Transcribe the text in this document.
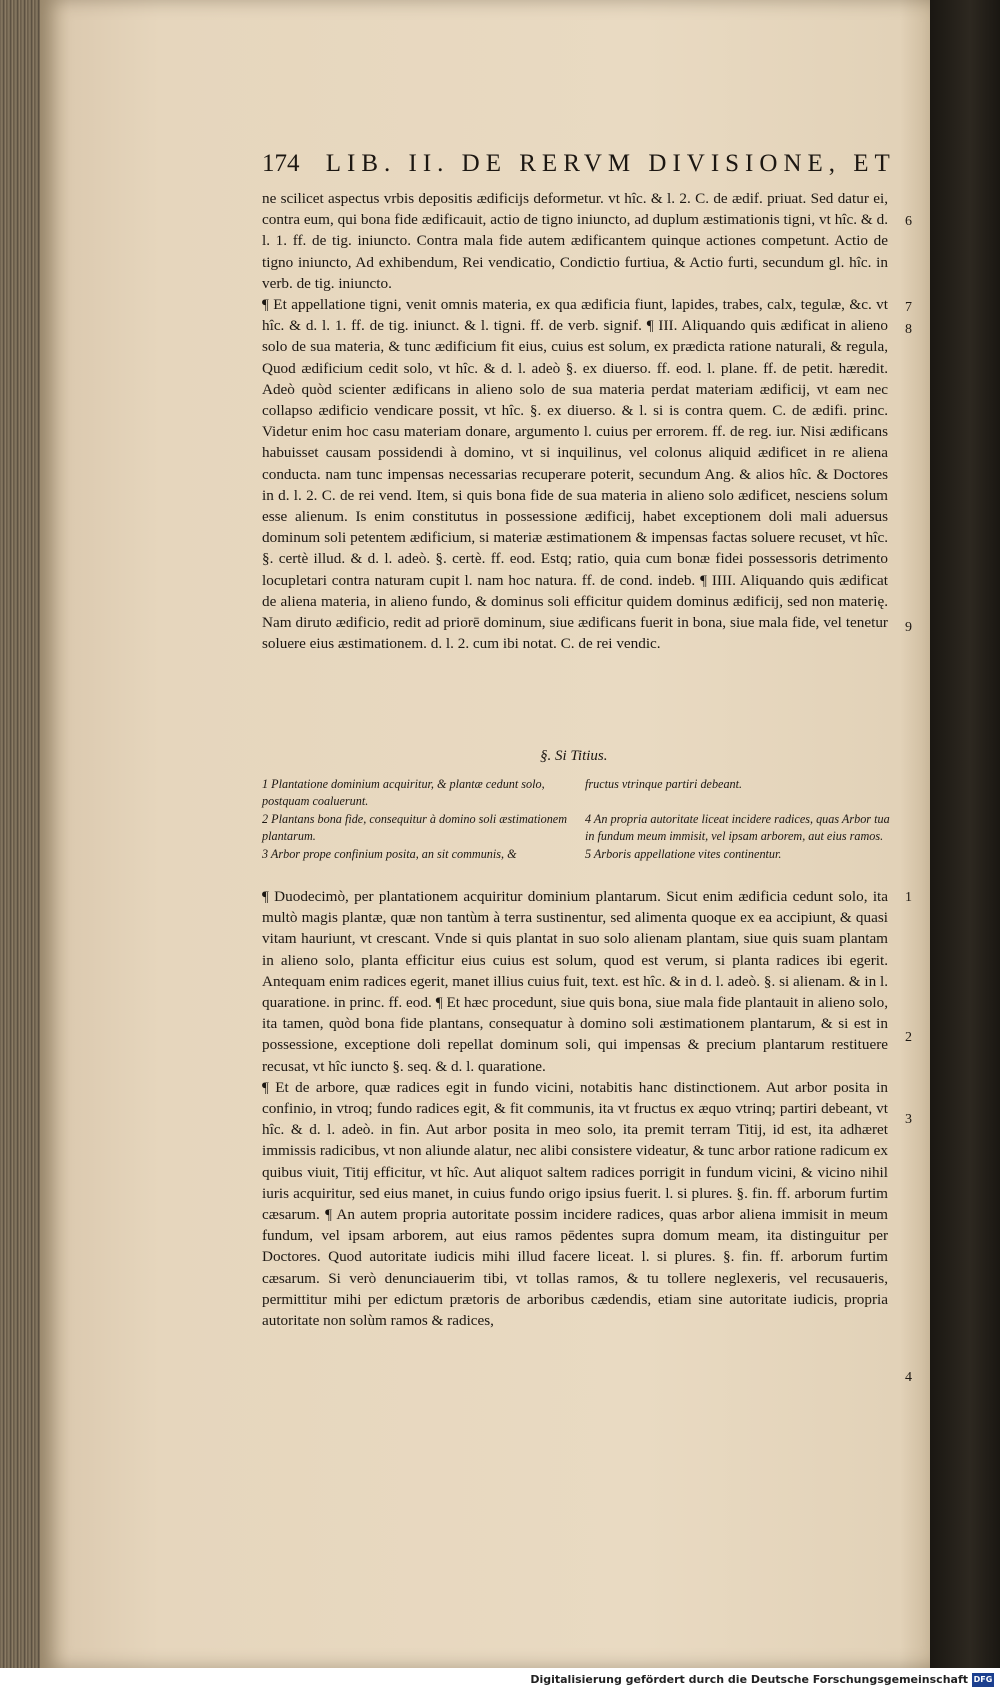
174 LIB. II. DE RERVM DIVISIONE, ET

ne scilicet aspectus vrbis depositis ædificijs deformetur. vt hîc. & l. 2. C. de ædif. priuat. Sed datur ei, contra eum, qui bona fide ædificauit, actio de tigno iniuncto, ad duplum æstimationis tigni, vt hîc. & d. l. 1. ff. de tig. iniuncto. Contra mala fide autem ædificantem quinque actiones competunt. Actio de tigno iniuncto, Ad exhibendum, Rei vendicatio, Condictio furtiua, & Actio furti, secundum gl. hîc. in verb. de tig. iniuncto.

¶ Et appellatione tigni, venit omnis materia, ex qua ædificia fiunt, lapides, trabes, calx, tegulæ, &c. vt hîc. & d. l. 1. ff. de tig. iniunct. & l. tigni. ff. de verb. signif. ¶ III. Aliquando quis ædificat in alieno solo de sua materia, & tunc ædificium fit eius, cuius est solum, ex prædicta ratione naturali, & regula, Quod ædificium cedit solo, vt hîc. & d. l. adeò §. ex diuerso. ff. eod. l. plane. ff. de petit. hæredit. Adeò quòd scienter ædificans in alieno solo de sua materia perdat materiam ædificij, vt eam nec collapso ædificio vendicare possit, vt hîc. §. ex diuerso. & l. si is contra quem. C. de ædifi. princ. Videtur enim hoc casu materiam donare, argumento l. cuius per errorem. ff. de reg. iur. Nisi ædificans habuisset causam possidendi à domino, vt si inquilinus, vel colonus aliquid ædificet in re aliena conducta. nam tunc impensas necessarias recuperare poterit, secundum Ang. & alios hîc. & Doctores in d. l. 2. C. de rei vend. Item, si quis bona fide de sua materia in alieno solo ædificet, nesciens solum esse alienum. Is enim constitutus in possessione ædificij, habet exceptionem doli mali aduersus dominum soli petentem ædificium, si materiæ æstimationem & impensas factas soluere recuset, vt hîc. §. certè illud. & d. l. adeò. §. certè. ff. eod. Estq; ratio, quia cum bonæ fidei possessoris detrimento locupletari contra naturam cupit l. nam hoc natura. ff. de cond. indeb. ¶ IIII. Aliquando quis ædificat de aliena materia, in alieno fundo, & dominus soli efficitur quidem dominus ædificij, sed non materię. Nam diruto ædificio, redit ad priorē dominum, siue ædificans fuerit in bona, siue mala fide, vel tenetur soluere eius æstimationem. d. l. 2. cum ibi notat. C. de rei vendic.

§. Si Titius.
1 Plantatione dominium acquiritur, & plantæ cedunt solo, postquam coaluerunt.
fructus vtrinque partiri debeant.
2 Plantans bona fide, consequitur à domino soli æstimationem plantarum.
4 An propria autoritate liceat incidere radices, quas Arbor tua in fundum meum immisit, vel ipsam arborem, aut eius ramos.
3 Arbor prope confinium posita, an sit communis, &	5 Arboris appellatione vites continentur.

¶ Duodecimò, per plantationem acquiritur dominium plantarum. Sicut enim ædificia cedunt solo, ita multò magis plantæ, quæ non tantùm à terra sustinentur, sed alimenta quoque ex ea accipiunt, & quasi vitam hauriunt, vt crescant. Vnde si quis plantat in suo solo alienam plantam, siue quis suam plantam in alieno solo, planta efficitur eius cuius est solum, quod est verum, si planta radices ibi egerit. Antequam enim radices egerit, manet illius cuius fuit, text. est hîc. & in d. l. adeò. §. si alienam. & in l. quaratione. in princ. ff. eod. ¶ Et hæc procedunt, siue quis bona, siue mala fide plantauit in alieno solo, ita tamen, quòd bona fide plantans, consequatur à domino soli æstimationem plantarum, & si est in possessione, exceptione doli repellat dominum soli, qui impensas & precium plantarum restituere recusat, vt hîc iuncto §. seq. & d. l. quaratione.

¶ Et de arbore, quæ radices egit in fundo vicini, notabitis hanc distinctionem. Aut arbor posita in confinio, in vtroq; fundo radices egit, & fit communis, ita vt fructus ex æquo vtrinq; partiri debeant, vt hîc. & d. l. adeò. in fin. Aut arbor posita in meo solo, ita premit terram Titij, id est, ita adhæret immissis radicibus, vt non aliunde alatur, nec alibi consistere videatur, & tunc arbor ratione radicum ex quibus viuit, Titij efficitur, vt hîc. Aut aliquot saltem radices porrigit in fundum vicini, & vicino nihil iuris acquiritur, sed eius manet, in cuius fundo origo ipsius fuerit. l. si plures. §. fin. ff. arborum furtim cæsarum. ¶ An autem propria autoritate possim incidere radices, quas arbor aliena immisit in meum fundum, vel ipsam arborem, aut eius ramos pēdentes supra domum meam, ita distinguitur per Doctores. Quod autoritate iudicis mihi illud facere liceat. l. si plures. §. fin. ff. arborum furtim cæsarum. Si verò denunciauerim tibi, vt tollas ramos, & tu tollere neglexeris, vel recusaueris, permittitur mihi per edictum prætoris de arboribus cædendis, etiam sine autoritate iudicis, propria autoritate non solùm ramos & radices,

6
7
8
9
1
2
3
4
Digitalisierung gefördert durch die Deutsche Forschungsgemeinschaft DFG
